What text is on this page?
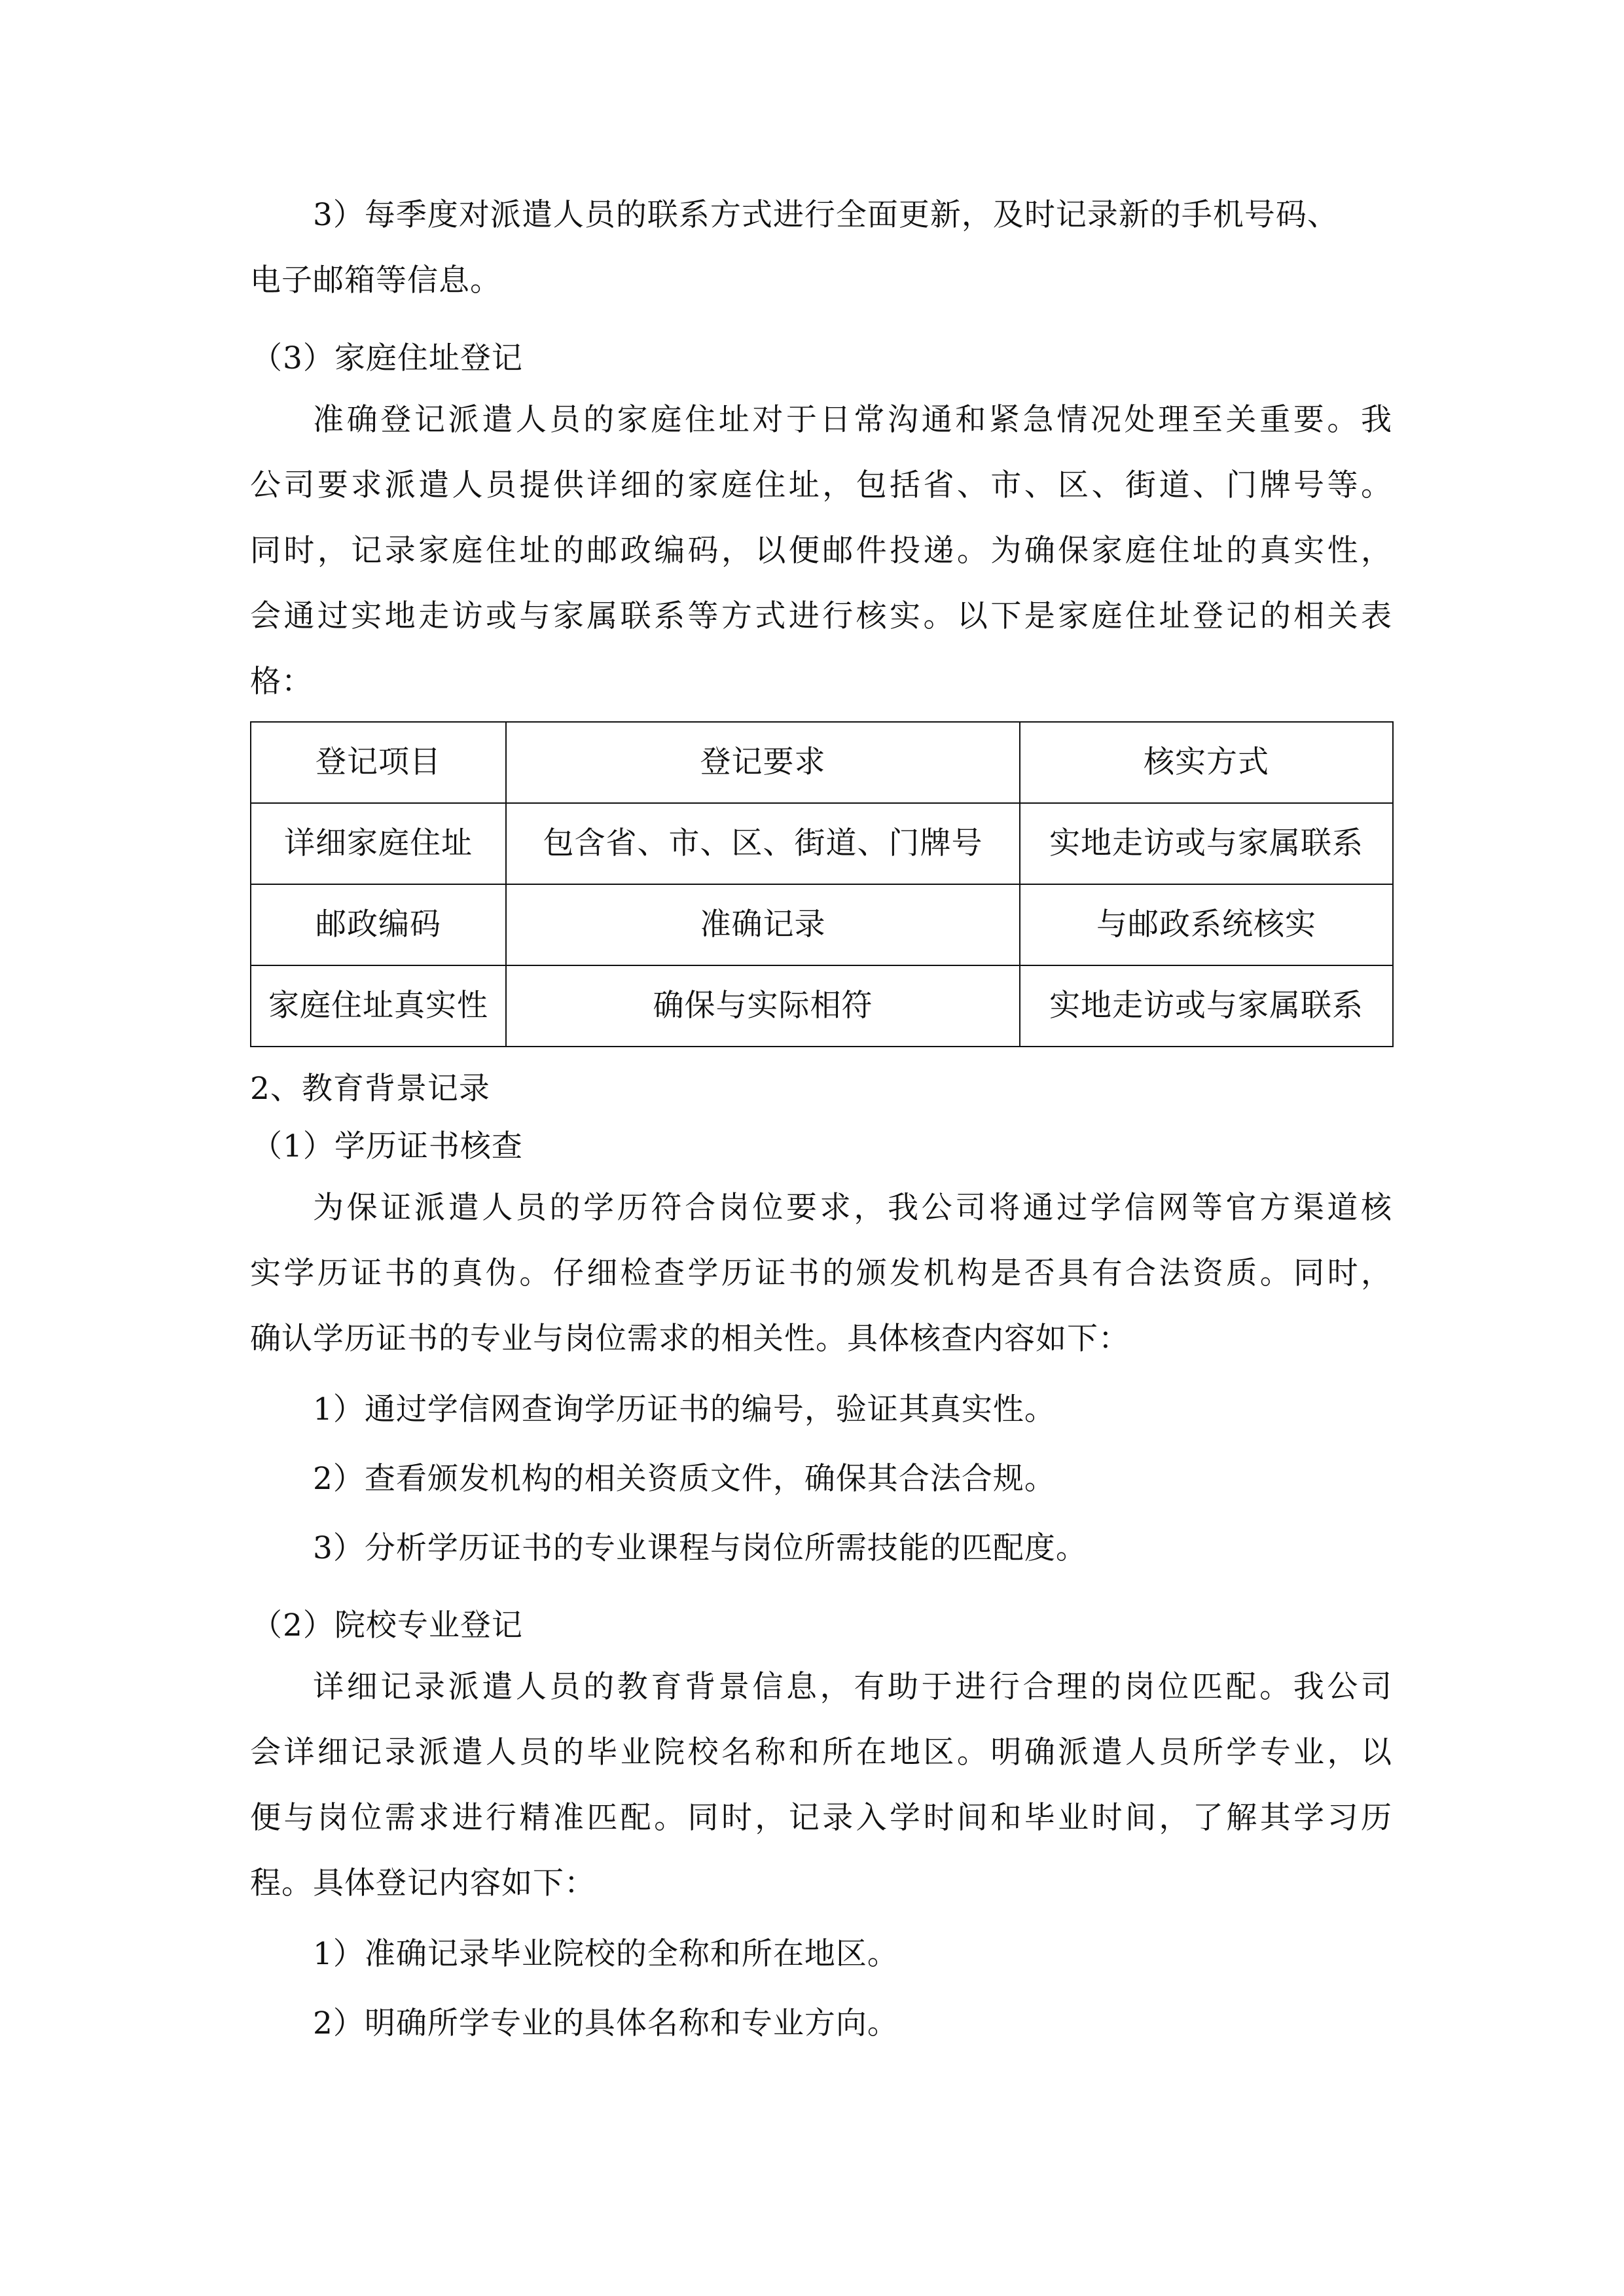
3）每季度对派遣人员的联系方式进行全面更新，及时记录新的手机号码、
电子邮箱等信息。
（3）家庭住址登记
准确登记派遣人员的家庭住址对于日常沟通和紧急情况处理至关重要。我
公司要求派遣人员提供详细的家庭住址，包括省、市、区、街道、门牌号等。
同时，记录家庭住址的邮政编码，以便邮件投递。为确保家庭住址的真实性，
会通过实地走访或与家属联系等方式进行核实。以下是家庭住址登记的相关表
格：
登记项目	登记要求	核实方式
详细家庭住址	包含省、市、区、街道、门牌号	实地走访或与家属联系
邮政编码	准确记录	与邮政系统核实
家庭住址真实性	确保与实际相符	实地走访或与家属联系
2、教育背景记录
（1）学历证书核查
为保证派遣人员的学历符合岗位要求，我公司将通过学信网等官方渠道核
实学历证书的真伪。仔细检查学历证书的颁发机构是否具有合法资质。同时，
确认学历证书的专业与岗位需求的相关性。具体核查内容如下：
1）通过学信网查询学历证书的编号，验证其真实性。
2）查看颁发机构的相关资质文件，确保其合法合规。
3）分析学历证书的专业课程与岗位所需技能的匹配度。
（2）院校专业登记
详细记录派遣人员的教育背景信息，有助于进行合理的岗位匹配。我公司
会详细记录派遣人员的毕业院校名称和所在地区。明确派遣人员所学专业，以
便与岗位需求进行精准匹配。同时，记录入学时间和毕业时间，了解其学习历
程。具体登记内容如下：
1）准确记录毕业院校的全称和所在地区。
2）明确所学专业的具体名称和专业方向。
